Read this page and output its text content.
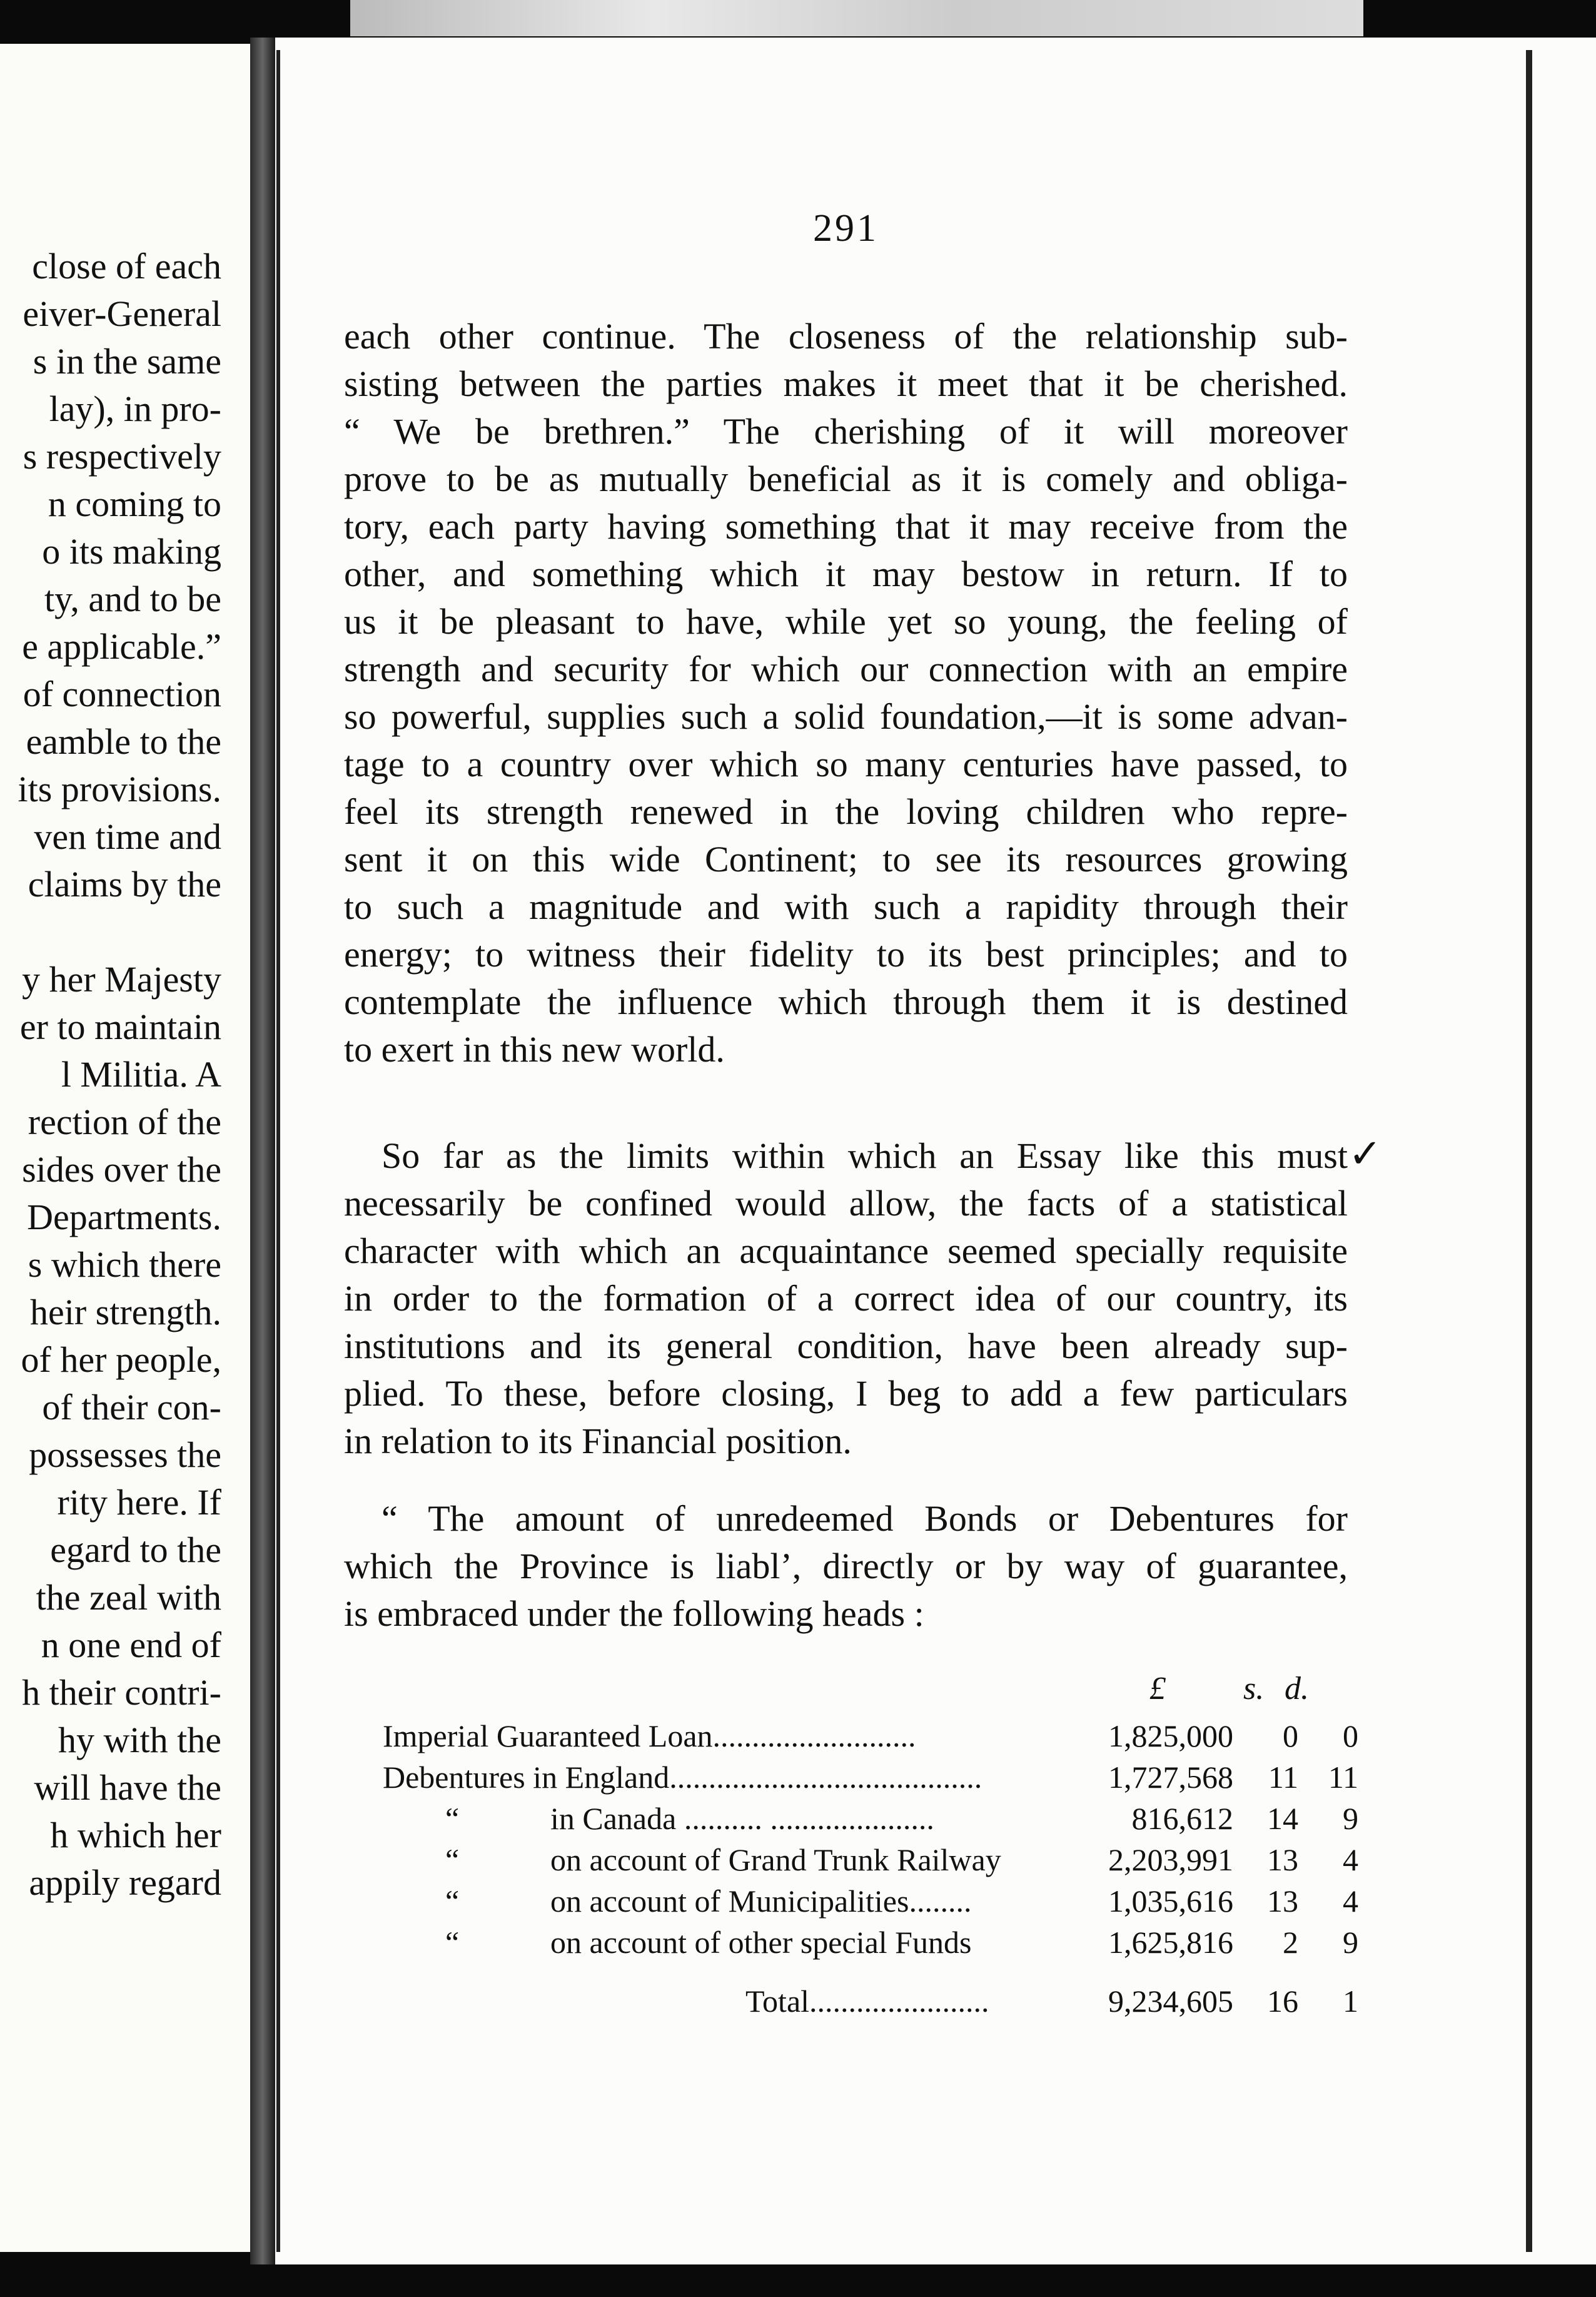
close of each
eiver-General
s in the same
lay), in pro-
s respectively
n coming to
o its making
ty, and to be
e applicable.”
of connection
eamble to the
its provisions.
ven time and
claims by the
y her Majesty
er to maintain
l Militia. A
rection of the
sides over the
Departments.
s which there
heir strength.
of her people,
of their con-
possesses the
rity here. If
egard to the
the zeal with
n one end of
h their contri-
hy with the
will have the
h which her
appily regard
291
each other continue. The closeness of the relationship sub-
sisting between the parties makes it meet that it be cherished.
“ We be brethren.” The cherishing of it will moreover
prove to be as mutually beneficial as it is comely and obliga-
tory, each party having something that it may receive from the
other, and something which it may bestow in return. If to
us it be pleasant to have, while yet so young, the feeling of
strength and security for which our connection with an empire
so powerful, supplies such a solid foundation,—it is some advan-
tage to a country over which so many centuries have passed, to
feel its strength renewed in the loving children who repre-
sent it on this wide Continent; to see its resources growing
to such a magnitude and with such a rapidity through their
energy; to witness their fidelity to its best principles; and to
contemplate the influence which through them it is destined
to exert in this new world.
So far as the limits within which an Essay like this must
necessarily be confined would allow, the facts of a statistical
character with which an acquaintance seemed specially requisite
in order to the formation of a correct idea of our country, its
institutions and its general condition, have been already sup-
plied. To these, before closing, I beg to add a few particulars
in relation to its Financial position.
✓
“ The amount of unredeemed Bonds or Debentures for
which the Province is liablʼ, directly or by way of guarantee,
is embraced under the following heads :
£ s. d.
Imperial Guaranteed Loan..........................	1,825,000	0	0
Debentures in England........................................	1,727,568	11 11
“	in Canada .......... .....................	816,612	14	9
“	on account of Grand Trunk Railway	2,203,991	13	4
“	on account of Municipalities........	1,035,616	13	4
“	on account of other special Funds	1,625,816	2	9
Total.......................	9,234,605	16	1
